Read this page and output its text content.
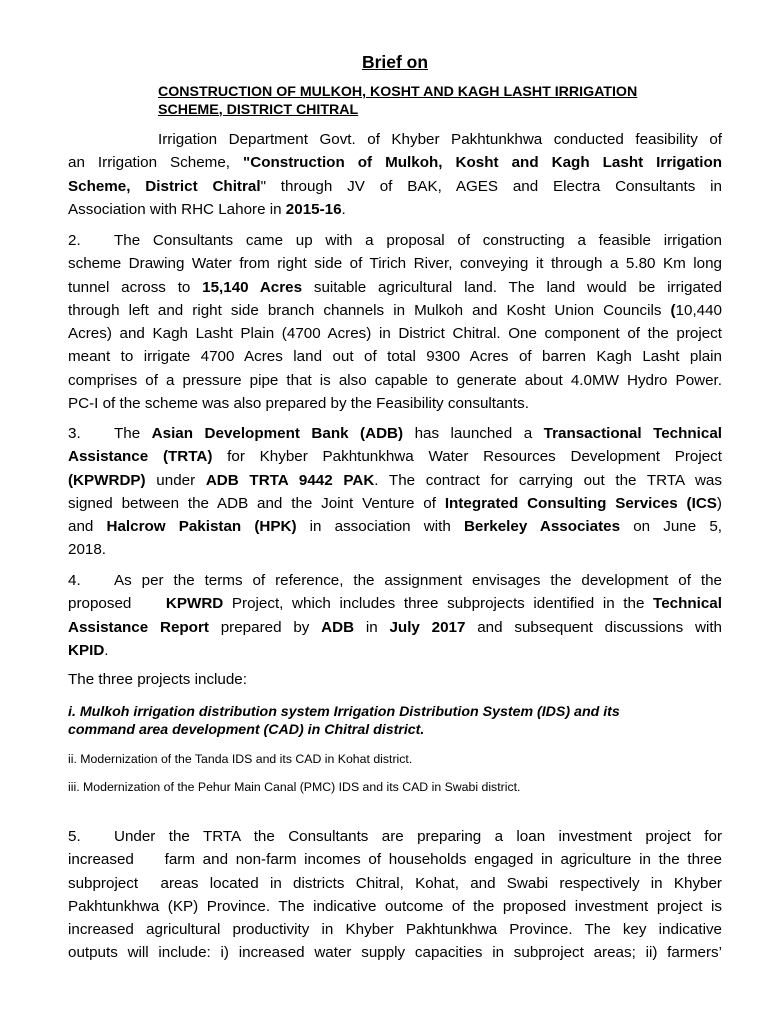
Brief on
CONSTRUCTION OF MULKOH, KOSHT AND KAGH LASHT IRRIGATION
SCHEME, DISTRICT CHITRAL
Irrigation Department Govt. of Khyber Pakhtunkhwa conducted feasibility of
an Irrigation Scheme, "Construction of Mulkoh, Kosht and Kagh Lasht Irrigation
Scheme, District Chitral" through JV of BAK, AGES and Electra Consultants in
Association with RHC Lahore in 2015-16.
2. The Consultants came up with a proposal of constructing a feasible irrigation
scheme Drawing Water from right side of Tirich River, conveying it through a 5.80 Km long
tunnel across to 15,140 Acres suitable agricultural land. The land would be irrigated
through left and right side branch channels in Mulkoh and Kosht Union Councils (10,440
Acres) and Kagh Lasht Plain (4700 Acres) in District Chitral. One component of the project
meant to irrigate 4700 Acres land out of total 9300 Acres of barren Kagh Lasht plain
comprises of a pressure pipe that is also capable to generate about 4.0MW Hydro Power.
PC-I of the scheme was also prepared by the Feasibility consultants.
3. The Asian Development Bank (ADB) has launched a Transactional Technical
Assistance (TRTA) for Khyber Pakhtunkhwa Water Resources Development Project
(KPWRDP) under ADB TRTA 9442 PAK. The contract for carrying out the TRTA was
signed between the ADB and the Joint Venture of Integrated Consulting Services (ICS)
and Halcrow Pakistan (HPK) in association with Berkeley Associates on June 5,
2018.
4. As per the terms of reference, the assignment envisages the development of the
proposed    KPWRD Project, which includes three subprojects identified in the Technical
Assistance Report prepared by ADB in July 2017 and subsequent discussions with
KPID.
The three projects include:
i. Mulkoh irrigation distribution system Irrigation Distribution System (IDS) and its
command area development (CAD) in Chitral district.
ii. Modernization of the Tanda IDS and its CAD in Kohat district.
iii. Modernization of the Pehur Main Canal (PMC) IDS and its CAD in Swabi district.
5. Under the TRTA the Consultants are preparing a loan investment project for
increased    farm and non-farm incomes of households engaged in agriculture in the three
subproject  areas located in districts Chitral, Kohat, and Swabi respectively in Khyber
Pakhtunkhwa (KP) Province. The indicative outcome of the proposed investment project is
increased agricultural productivity in Khyber Pakhtunkhwa Province. The key indicative
outputs will include: i) increased water supply capacities in subproject areas; ii) farmers’
